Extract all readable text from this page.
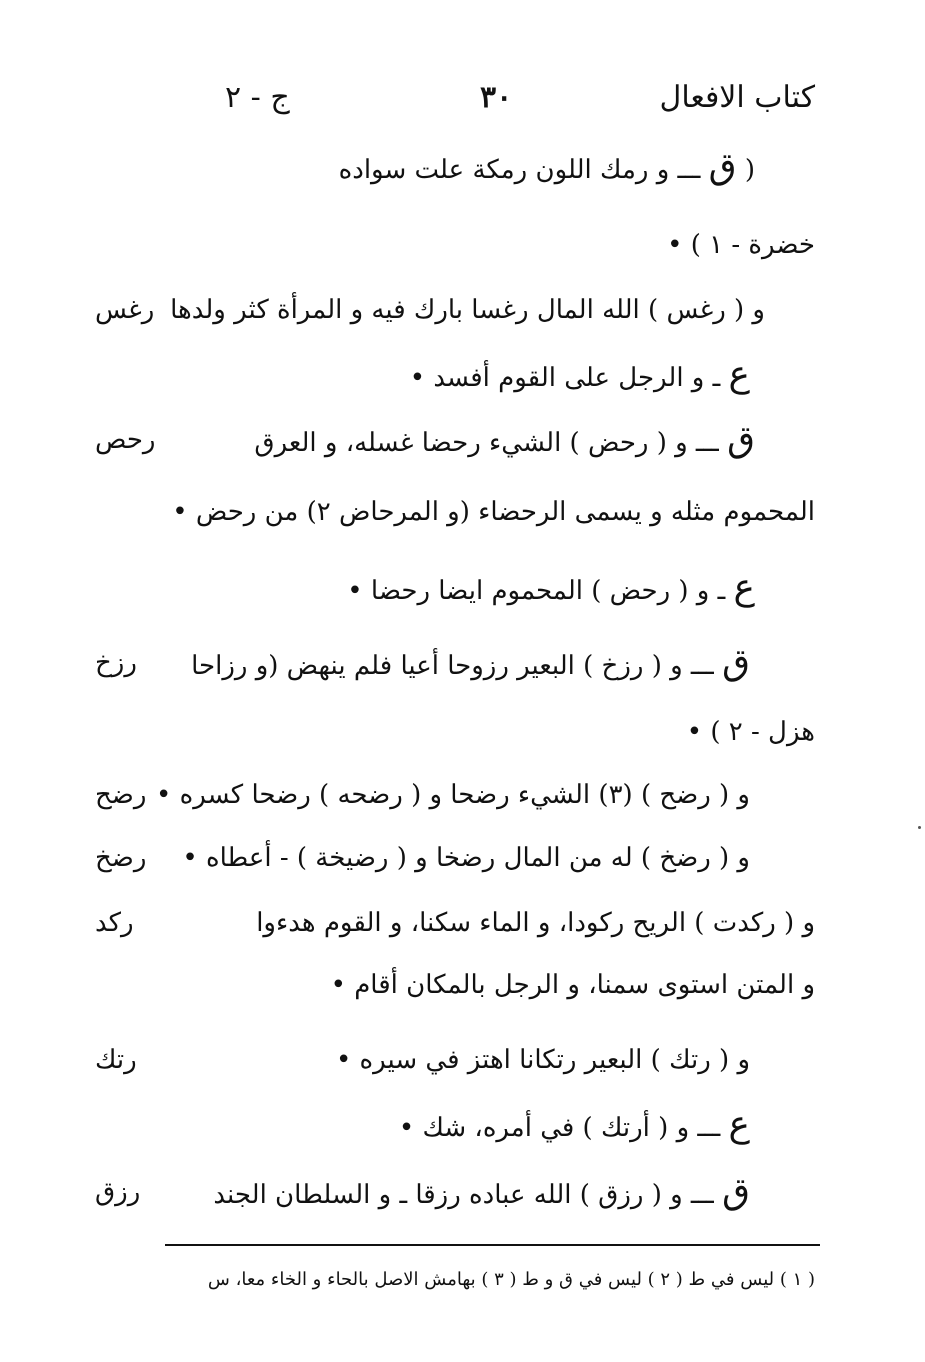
كتاب الافعال
٣٠
ج - ٢
( ق ـــ و رمك اللون رمكة علت سواده
خضرة - ١ ) •
و ( رغس ) الله المال رغسا بارك فيه و المرأة كثر ولدها
رغس
ع ـ و الرجل على القوم أفسد •
ق ـــ و ( رحض ) الشيء رحضا غسله، و العرق
رحص
المحموم مثله و يسمى الرحضاء (و المرحاض ٢) من رحض •
ع ـ و ( رحض ) المحموم ايضا رحضا •
ق ـــ و ( رزخ ) البعير رزوحا أعيا فلم ينهض (و رزاحا
رزخ
هزل - ٢ ) •
و ( رضح ) (٣) الشيء رضحا و ( رضحه ) رضحا كسره •
رضح
و ( رضخ ) له من المال رضخا و ( رضيخة ) - أعطاه •
رضخ
و ( ركدت ) الريح ركودا، و الماء سكنا، و القوم هدءوا
ركد
و المتن استوى سمنا، و الرجل بالمكان أقام •
و ( رتك ) البعير رتكانا اهتز في سيره •
رتك
ع ـــ و ( أرتك ) في أمره، شك •
ق ـــ و ( رزق ) الله عباده رزقا ـ و السلطان الجند
رزق
( ١ ) ليس في ط ( ٢ ) ليس في ق و ط ( ٣ ) بهامش الاصل بالحاء و الخاء معا، س
